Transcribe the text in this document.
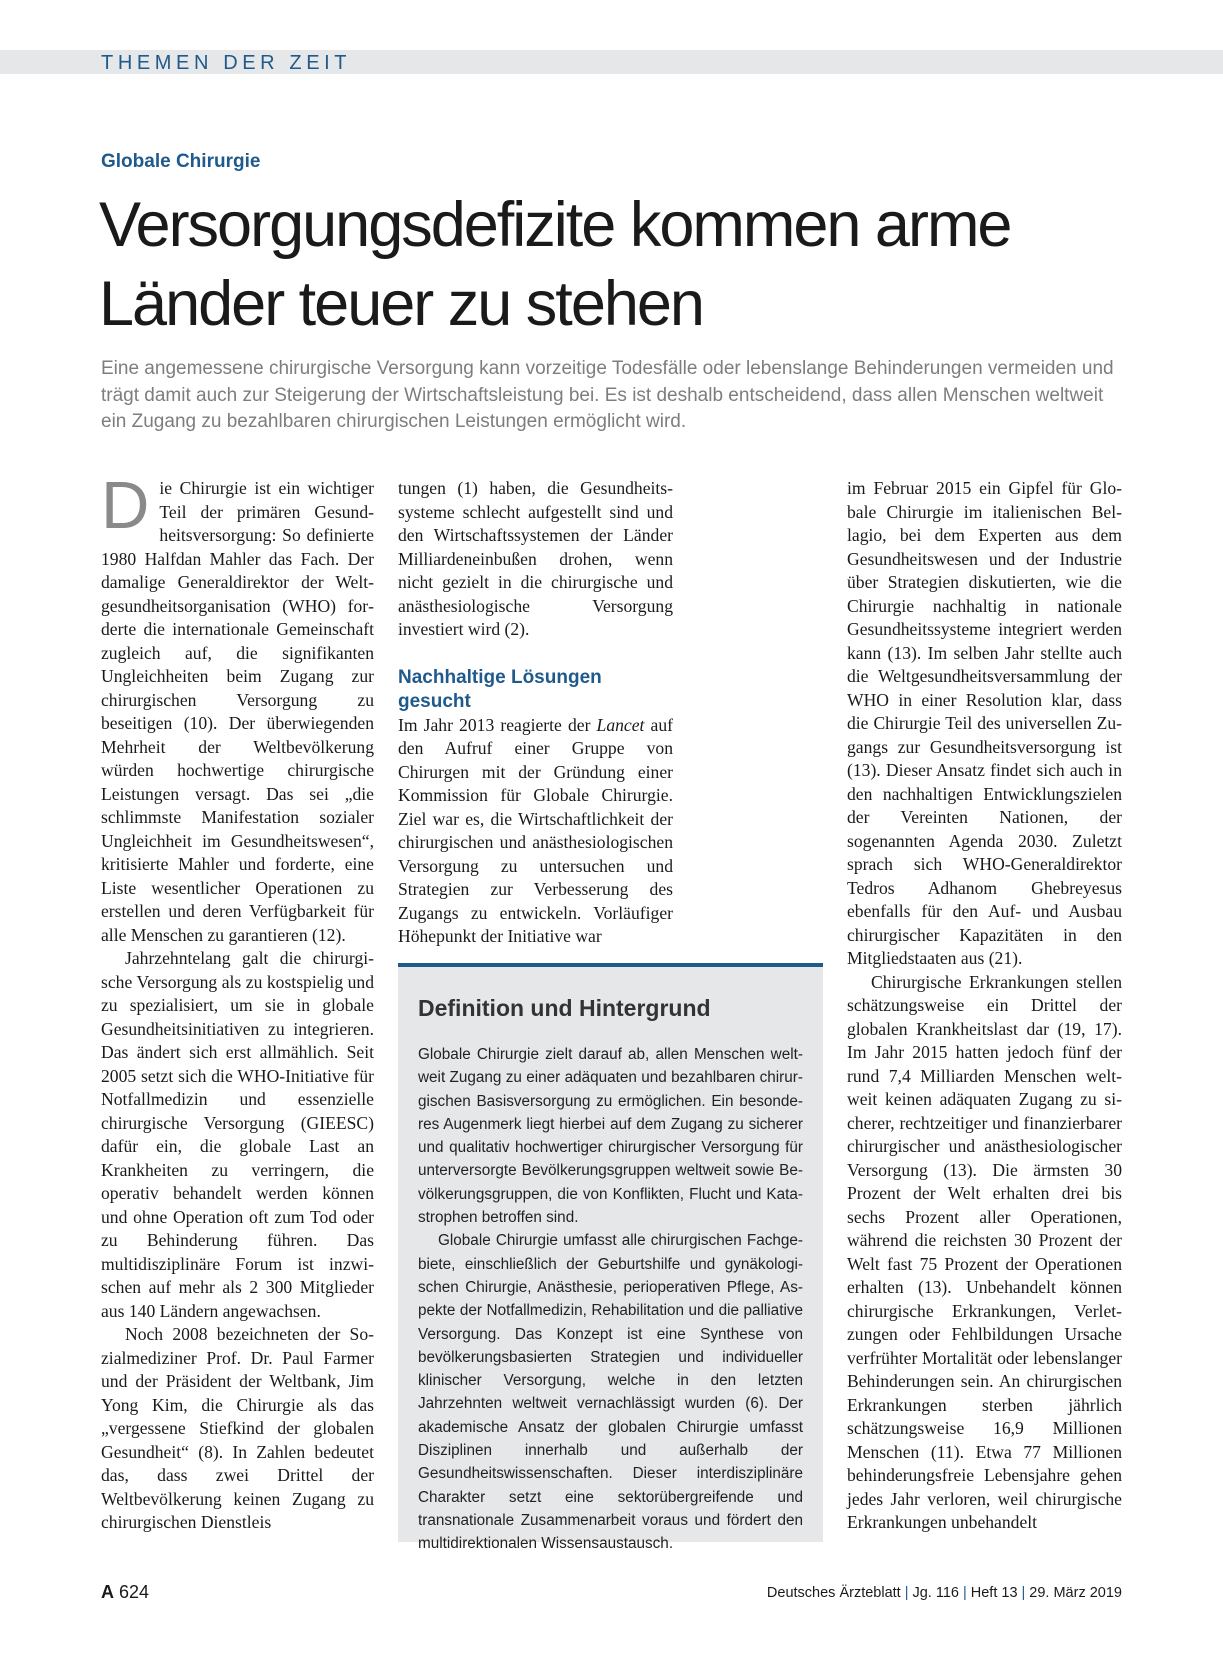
THEMEN DER ZEIT
Globale Chirurgie
Versorgungsdefizite kommen arme Länder teuer zu stehen

Eine angemessene chirurgische Versorgung kann vorzeitige Todesfälle oder lebenslange Behinderungen vermeiden und trägt damit auch zur Steigerung der Wirtschaftsleistung bei. Es ist deshalb entscheidend, dass allen Menschen weltweit ein Zugang zu bezahlbaren chirurgischen Leistungen ermöglicht wird.

Die Chirurgie ist ein wichtiger Teil der primären Gesundheitsversorgung: So definierte 1980 Halfdan Mahler das Fach. Der damalige Generaldirektor der Weltgesundheitsorganisation (WHO) forderte die internationale Gemeinschaft zugleich auf, die signifikanten Ungleichheiten beim Zugang zur chirurgischen Versorgung zu beseitigen (10). Der überwiegenden Mehrheit der Weltbevölkerung würden hochwertige chirurgische Leistungen versagt. Das sei „die schlimmste Manifestation sozialer Ungleichheit im Gesundheitswesen“, kritisierte Mahler und forderte, eine Liste wesentlicher Operationen zu erstellen und deren Verfügbarkeit für alle Menschen zu garantieren (12).

Jahrzehntelang galt die chirurgische Versorgung als zu kostspielig und zu spezialisiert, um sie in globale Gesundheitsinitiativen zu integrieren. Das ändert sich erst allmählich. Seit 2005 setzt sich die WHO-Initiative für Notfallmedizin und essenzielle chirurgische Versorgung (GIEESC) dafür ein, die globale Last an Krankheiten zu verringern, die operativ behandelt werden können und ohne Operation oft zum Tod oder zu Behinderung führen. Das multidisziplinäre Forum ist inzwischen auf mehr als 2 300 Mitglieder aus 140 Ländern angewachsen.

Noch 2008 bezeichneten der Sozialmediziner Prof. Dr. Paul Farmer und der Präsident der Weltbank, Jim Yong Kim, die Chirurgie als das „vergessene Stiefkind der globalen Gesundheit“ (8). In Zahlen bedeutet das, dass zwei Drittel der Weltbevölkerung keinen Zugang zu chirurgischen Dienstleis

tungen (1) haben, die Gesundheitssysteme schlecht aufgestellt sind und den Wirtschaftssystemen der Länder Milliardeneinbußen drohen, wenn nicht gezielt in die chirurgische und anästhesiologische Versorgung investiert wird (2).

Nachhaltige Lösungen gesucht

Im Jahr 2013 reagierte der Lancet auf den Aufruf einer Gruppe von Chirurgen mit der Gründung einer Kommission für Globale Chirurgie. Ziel war es, die Wirtschaftlichkeit der chirurgischen und anästhesiologischen Versorgung zu untersuchen und Strategien zur Verbesserung des Zugangs zu entwickeln. Vorläufiger Höhepunkt der Initiative war

Definition und Hintergrund

Globale Chirurgie zielt darauf ab, allen Menschen weltweit Zugang zu einer adäquaten und bezahlbaren chirurgischen Basisversorgung zu ermöglichen. Ein besonderes Augenmerk liegt hierbei auf dem Zugang zu sicherer und qualitativ hochwertiger chirurgischer Versorgung für unterversorgte Bevölkerungsgruppen weltweit sowie Bevölkerungsgruppen, die von Konflikten, Flucht und Katastrophen betroffen sind.

Globale Chirurgie umfasst alle chirurgischen Fachgebiete, einschließlich der Geburtshilfe und gynäkologischen Chirurgie, Anästhesie, perioperativen Pflege, Aspekte der Notfallmedizin, Rehabilitation und die palliative Versorgung. Das Konzept ist eine Synthese von bevölkerungsbasierten Strategien und individueller klinischer Versorgung, welche in den letzten Jahrzehnten weltweit vernachlässigt wurden (6). Der akademische Ansatz der globalen Chirurgie umfasst Disziplinen innerhalb und außerhalb der Gesundheitswissenschaften. Dieser interdisziplinäre Charakter setzt eine sektorübergreifende und transnationale Zusammenarbeit voraus und fördert den multidirektionalen Wissensaustausch.

im Februar 2015 ein Gipfel für Globale Chirurgie im italienischen Bellagio, bei dem Experten aus dem Gesundheitswesen und der Industrie über Strategien diskutierten, wie die Chirurgie nachhaltig in nationale Gesundheitssysteme integriert werden kann (13). Im selben Jahr stellte auch die Weltgesundheitsversammlung der WHO in einer Resolution klar, dass die Chirurgie Teil des universellen Zugangs zur Gesundheitsversorgung ist (13). Dieser Ansatz findet sich auch in den nachhaltigen Entwicklungszielen der Vereinten Nationen, der sogenannten Agenda 2030. Zuletzt sprach sich WHO-Generaldirektor Tedros Adhanom Ghebreyesus ebenfalls für den Auf- und Ausbau chirurgischer Kapazitäten in den Mitgliedstaaten aus (21).

Chirurgische Erkrankungen stellen schätzungsweise ein Drittel der globalen Krankheitslast dar (19, 17). Im Jahr 2015 hatten jedoch fünf der rund 7,4 Milliarden Menschen weltweit keinen adäquaten Zugang zu sicherer, rechtzeitiger und finanzierbarer chirurgischer und anästhesiologischer Versorgung (13). Die ärmsten 30 Prozent der Welt erhalten drei bis sechs Prozent aller Operationen, während die reichsten 30 Prozent der Welt fast 75 Prozent der Operationen erhalten (13). Unbehandelt können chirurgische Erkrankungen, Verletzungen oder Fehlbildungen Ursache verfrühter Mortalität oder lebenslanger Behinderungen sein. An chirurgischen Erkrankungen sterben jährlich schätzungsweise 16,9 Millionen Menschen (11). Etwa 77 Millionen behinderungsfreie Lebensjahre gehen jedes Jahr verloren, weil chirurgische Erkrankungen unbehandelt

A 624	Deutsches Ärzteblatt | Jg. 116 | Heft 13 | 29. März 2019
